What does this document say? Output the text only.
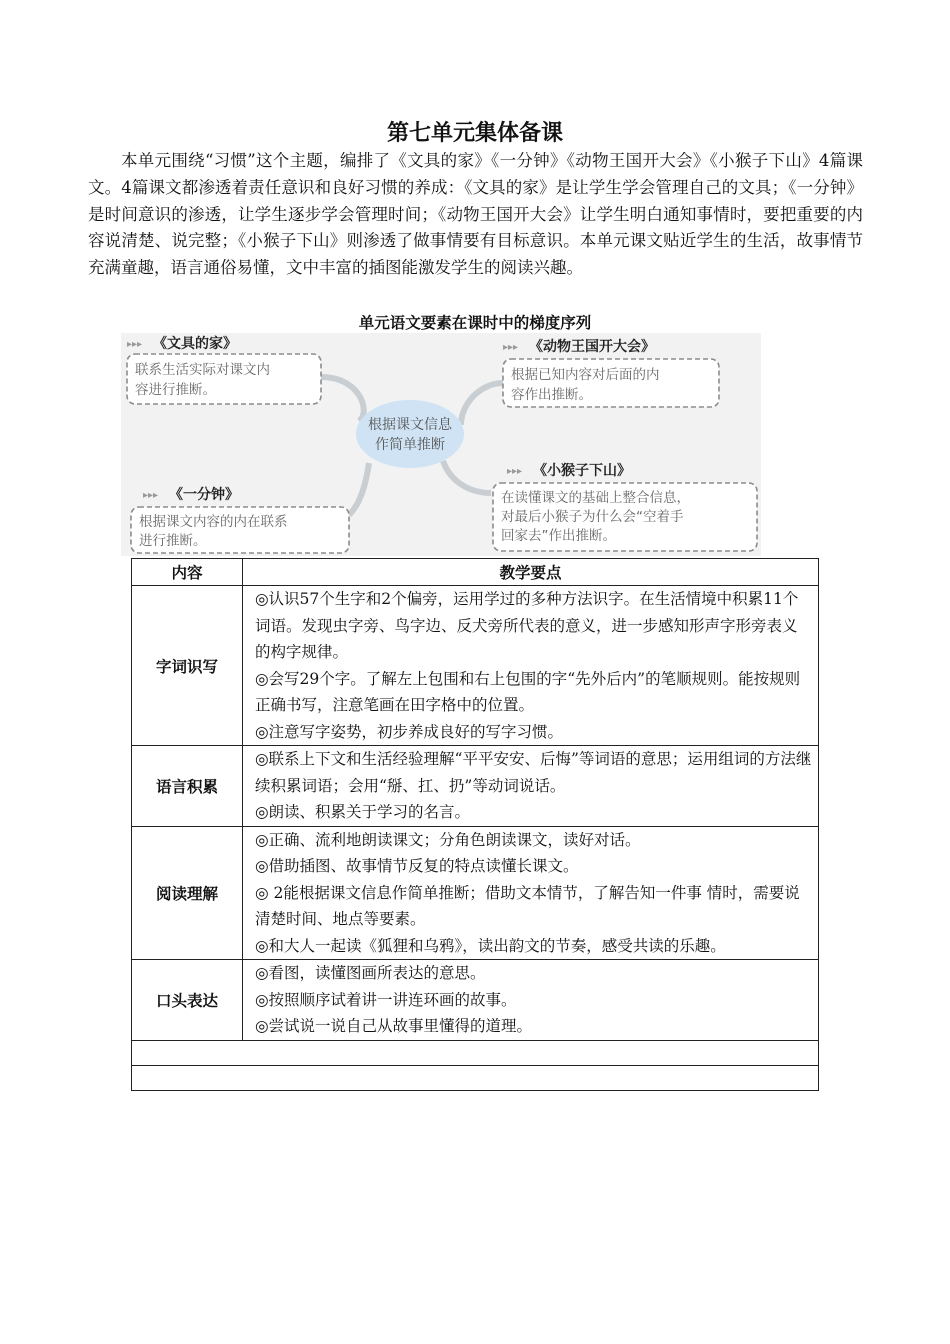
第七单元集体备课

本单元围绕“习惯”这个主题，编排了《文具的家》《一分钟》《动物王国开大会》《小猴子下山》4篇课文。4篇课文都渗透着责任意识和良好习惯的养成：《文具的家》是让学生学会管理自己的文具；《一分钟》是时间意识的渗透，让学生逐步学会管理时间；《动物王国开大会》让学生明白通知事情时，要把重要的内容说清楚、说完整；《小猴子下山》则渗透了做事情要有目标意识。本单元课文贴近学生的生活，故事情节充满童趣，语言通俗易懂，文中丰富的插图能激发学生的阅读兴趣。

单元语文要素在课时中的梯度序列
根据课文信息
作简单推断
▸▸▸ 《文具的家》
联系生活实际对课文内
容进行推断。
▸▸▸ 《动物王国开大会》
根据已知内容对后面的内
容作出推断。
▸▸▸ 《一分钟》
根据课文内容的内在联系
进行推断。
▸▸▸ 《小猴子下山》
在读懂课文的基础上整合信息，
对最后小猴子为什么会“空着手
回家去”作出推断。
内容	教学要点
字词识写	◎认识57个生字和2个偏旁，运用学过的多种方法识字。在生活情境中积累11个词语。发现虫字旁、鸟字边、反犬旁所代表的意义，进一步感知形声字形旁表义的构字规律。
◎会写29个字。了解左上包围和右上包围的字“先外后内”的笔顺规则。能按规则正确书写，注意笔画在田字格中的位置。
◎注意写字姿势，初步养成良好的写字习惯。

语言积累	◎联系上下文和生活经验理解“平平安安、后悔”等词语的意思；运用组词的方法继续积累词语；会用“掰、扛、扔”等动词说话。
◎朗读、积累关于学习的名言。

阅读理解	◎正确、流利地朗读课文；分角色朗读课文，读好对话。
◎借助插图、故事情节反复的特点读懂长课文。
◎ 2能根据课文信息作简单推断；借助文本情节，了解告知一件事 情时，需要说清楚时间、地点等要素。
◎和大人一起读《狐狸和乌鸦》，读出韵文的节奏，感受共读的乐趣。

口头表达	◎看图，读懂图画所表达的意思。
◎按照顺序试着讲一讲连环画的故事。
◎尝试说一说自己从故事里懂得的道理。
